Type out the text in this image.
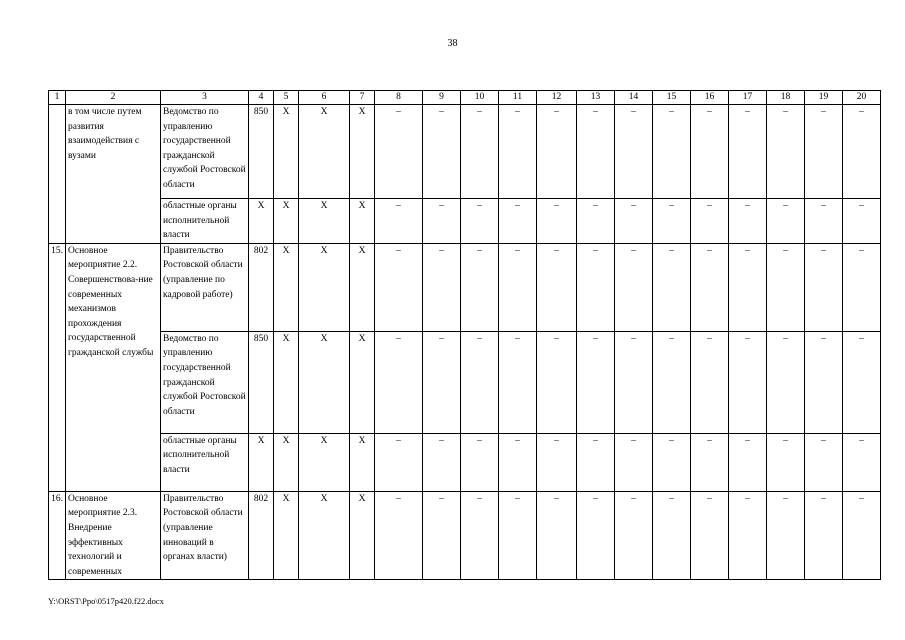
38
1	2	3	4	5	6	7	8	9	10	11	12	13	14	15	16	17	18	19	20
	в том числе путем развития взаимодействия с вузами	Ведомство по управлению государственной гражданской службой Ростовской области	850	X	X	X	–	–	–	–	–	–	–	–	–	–	–	–	–
		областные органы исполнительной власти	X	X	X	X	–	–	–	–	–	–	–	–	–	–	–	–	–
15.	Основное мероприятие 2.2. Совершенствова-ние современных механизмов прохождения государственной гражданской службы	Правительство Ростовской области (управление по кадровой работе)	802	X	X	X	–	–	–	–	–	–	–	–	–	–	–	–	–
		Ведомство по управлению государственной гражданской службой Ростовской области	850	X	X	X	–	–	–	–	–	–	–	–	–	–	–	–	–
		областные органы исполнительной власти	X	X	X	X	–	–	–	–	–	–	–	–	–	–	–	–	–
16.	Основное мероприятие 2.3. Внедрение эффективных технологий и современных	Правительство Ростовской области (управление инноваций в органах власти)	802	X	X	X	–	–	–	–	–	–	–	–	–	–	–	–	–
Y:\ORST\Ppo\0517p420.f22.docx
